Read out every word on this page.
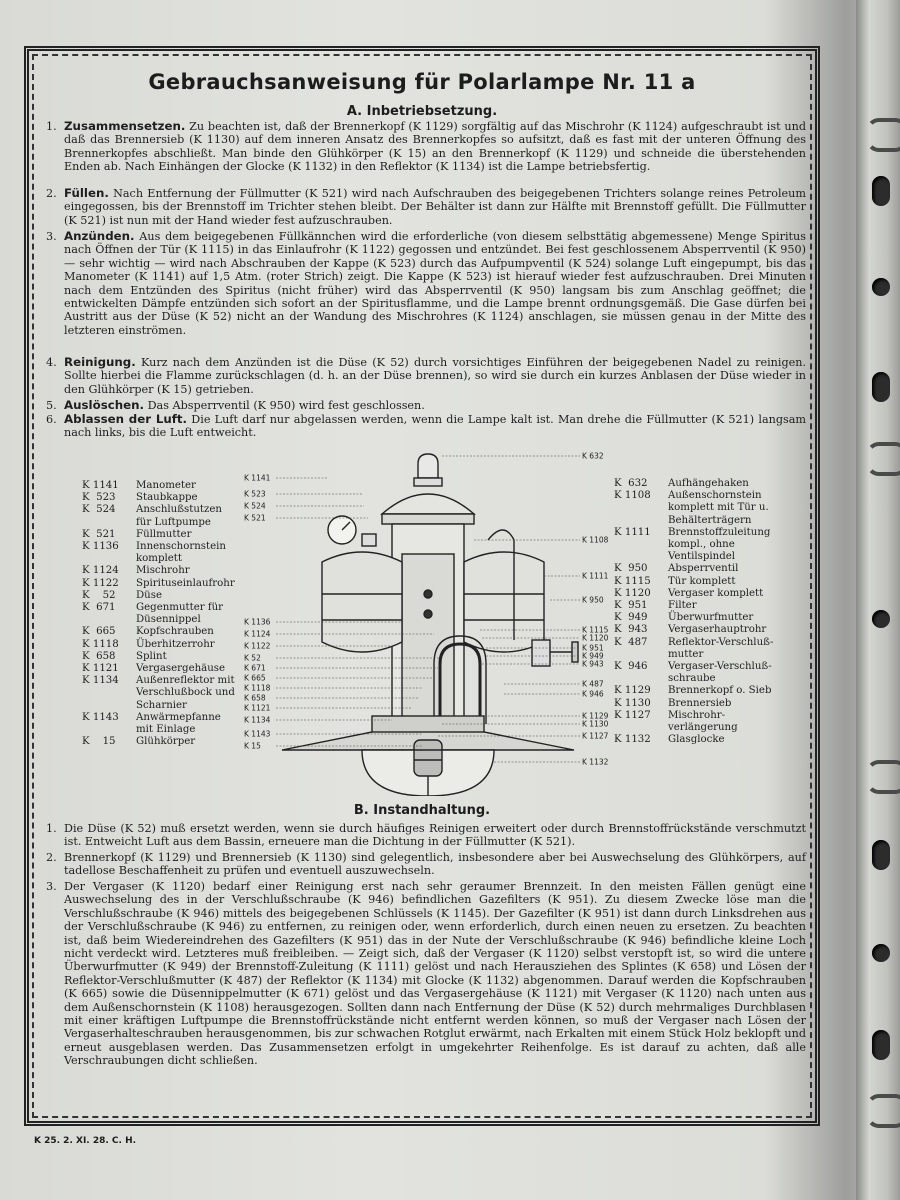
Gebrauchsanweisung für Polarlampe Nr. 11 a
A. Inbetriebsetzung.
1. Zusammensetzen. Zu beachten ist, daß der Brennerkopf (K 1129) sorgfältig auf das Mischrohr (K 1124) aufgeschraubt ist und daß das Brennersieb (K 1130) auf dem inneren Ansatz des Brennerkopfes so aufsitzt, daß es fast mit der unteren Öffnung des Brennerkopfes abschließt. Man binde den Glühkörper (K 15) an den Brennerkopf (K 1129) und schneide die überstehenden Enden ab. Nach Einhängen der Glocke (K 1132) in den Reflektor (K 1134) ist die Lampe betriebsfertig.
2. Füllen. Nach Entfernung der Füllmutter (K 521) wird nach Aufschrauben des beigegebenen Trichters solange reines Petroleum eingegossen, bis der Brennstoff im Trichter stehen bleibt. Der Behälter ist dann zur Hälfte mit Brennstoff gefüllt. Die Füllmutter (K 521) ist nun mit der Hand wieder fest aufzuschrauben.
3. Anzünden. Aus dem beigegebenen Füllkännchen wird die erforderliche (von diesem selbsttätig abgemessene) Menge Spiritus nach Öffnen der Tür (K 1115) in das Einlaufrohr (K 1122) gegossen und entzündet. Bei fest geschlossenem Absperrventil (K 950) — sehr wichtig — wird nach Abschrauben der Kappe (K 523) durch das Aufpumpventil (K 524) solange Luft eingepumpt, bis das Manometer (K 1141) auf 1,5 Atm. (roter Strich) zeigt. Die Kappe (K 523) ist hierauf wieder fest aufzuschrauben. Drei Minuten nach dem Entzünden des Spiritus (nicht früher) wird das Absperrventil (K 950) langsam bis zum Anschlag geöffnet; die entwickelten Dämpfe entzünden sich sofort an der Spiritusflamme, und die Lampe brennt ordnungsgemäß. Die Gase dürfen bei Austritt aus der Düse (K 52) nicht an der Wandung des Mischrohres (K 1124) anschlagen, sie müssen genau in der Mitte des letzteren einströmen.
4. Reinigung. Kurz nach dem Anzünden ist die Düse (K 52) durch vorsichtiges Einführen der beigegebenen Nadel zu reinigen. Sollte hierbei die Flamme zurückschlagen (d. h. an der Düse brennen), so wird sie durch ein kurzes Anblasen der Düse wieder in den Glühkörper (K 15) getrieben.
5. Auslöschen. Das Absperrventil (K 950) wird fest geschlossen.
6. Ablassen der Luft. Die Luft darf nur abgelassen werden, wenn die Lampe kalt ist. Man drehe die Füllmutter (K 521) langsam nach links, bis die Luft entweicht.
K 1141	Manometer
K  523	Staubkappe
K  524	Anschlußstutzen für Luftpumpe
K  521	Füllmutter
K 1136	Innenschornstein komplett
K 1124	Mischrohr
K 1122	Spirituseinlaufrohr
K    52	Düse
K  671	Gegenmutter für Düsennippel
K  665	Kopfschrauben
K 1118	Überhitzerrohr
K  658	Splint
K 1121	Vergasergehäuse
K 1134	Außenreflektor mit Verschlußbock und Scharnier
K 1143	Anwärmepfanne mit Einlage
K    15	Glühkörper
K  632	Aufhängehaken
K 1108	Außenschornstein komplett mit Tür u. Behälterträgern
K 1111	Brennstoffzuleitung kompl., ohne Ventilspindel
K  950	Absperrventil
K 1115	Tür komplett
K 1120	Vergaser komplett
K  951	Filter
K  949	Überwurfmutter
K  943	Vergaserhauptrohr
K  487	Reflektor-Verschlußmutter
K  946	Vergaser-Verschlußschraube
K 1129	Brennerkopf o. Sieb
K 1130	Brennersieb
K 1127	Mischrohrverlängerung
K 1132	Glasglocke
K 1141
K 523
K 524
K 521
K 1136
K 1124
K 1122
K 52
K 671
K 665
K 1118
K 658
K 1121
K 1134
K 1143
K 15
K 632
K 1108
K 1111
K 950
K 1115
K 1120
K 951
K 949
K 943
K 487
K 946
K 1129
K 1130
K 1127
K 1132
B. Instandhaltung.
1. Die Düse (K 52) muß ersetzt werden, wenn sie durch häufiges Reinigen erweitert oder durch Brennstoffrückstände verschmutzt ist. Entweicht Luft aus dem Bassin, erneuere man die Dichtung in der Füllmutter (K 521).
2. Brennerkopf (K 1129) und Brennersieb (K 1130) sind gelegentlich, insbesondere aber bei Auswechselung des Glühkörpers, auf tadellose Beschaffenheit zu prüfen und eventuell auszuwechseln.
3. Der Vergaser (K 1120) bedarf einer Reinigung erst nach sehr geraumer Brennzeit. In den meisten Fällen genügt eine Auswechselung des in der Verschlußschraube (K 946) befindlichen Gazefilters (K 951). Zu diesem Zwecke löse man die Verschlußschraube (K 946) mittels des beigegebenen Schlüssels (K 1145). Der Gazefilter (K 951) ist dann durch Linksdrehen aus der Verschlußschraube (K 946) zu entfernen, zu reinigen oder, wenn erforderlich, durch einen neuen zu ersetzen. Zu beachten ist, daß beim Wiedereindrehen des Gazefilters (K 951) das in der Nute der Verschlußschraube (K 946) befindliche kleine Loch nicht verdeckt wird. Letzteres muß freibleiben. — Zeigt sich, daß der Vergaser (K 1120) selbst verstopft ist, so wird die untere Überwurfmutter (K 949) der Brennstoff-Zuleitung (K 1111) gelöst und nach Herausziehen des Splintes (K 658) und Lösen der Reflektor-Verschlußmutter (K 487) der Reflektor (K 1134) mit Glocke (K 1132) abgenommen. Darauf werden die Kopfschrauben (K 665) sowie die Düsennippelmutter (K 671) gelöst und das Vergasergehäuse (K 1121) mit Vergaser (K 1120) nach unten aus dem Außenschornstein (K 1108) herausgezogen. Sollten dann nach Entfernung der Düse (K 52) durch mehrmaliges Durchblasen mit einer kräftigen Luftpumpe die Brennstoffrückstände nicht entfernt werden können, so muß der Vergaser nach Lösen der Vergaserhalteschrauben herausgenommen, bis zur schwachen Rotglut erwärmt, nach Erkalten mit einem Stück Holz beklopft und erneut ausgeblasen werden. Das Zusammensetzen erfolgt in umgekehrter Reihenfolge. Es ist darauf zu achten, daß alle Verschraubungen dicht schließen.
K 25. 2. XI. 28. C. H.
